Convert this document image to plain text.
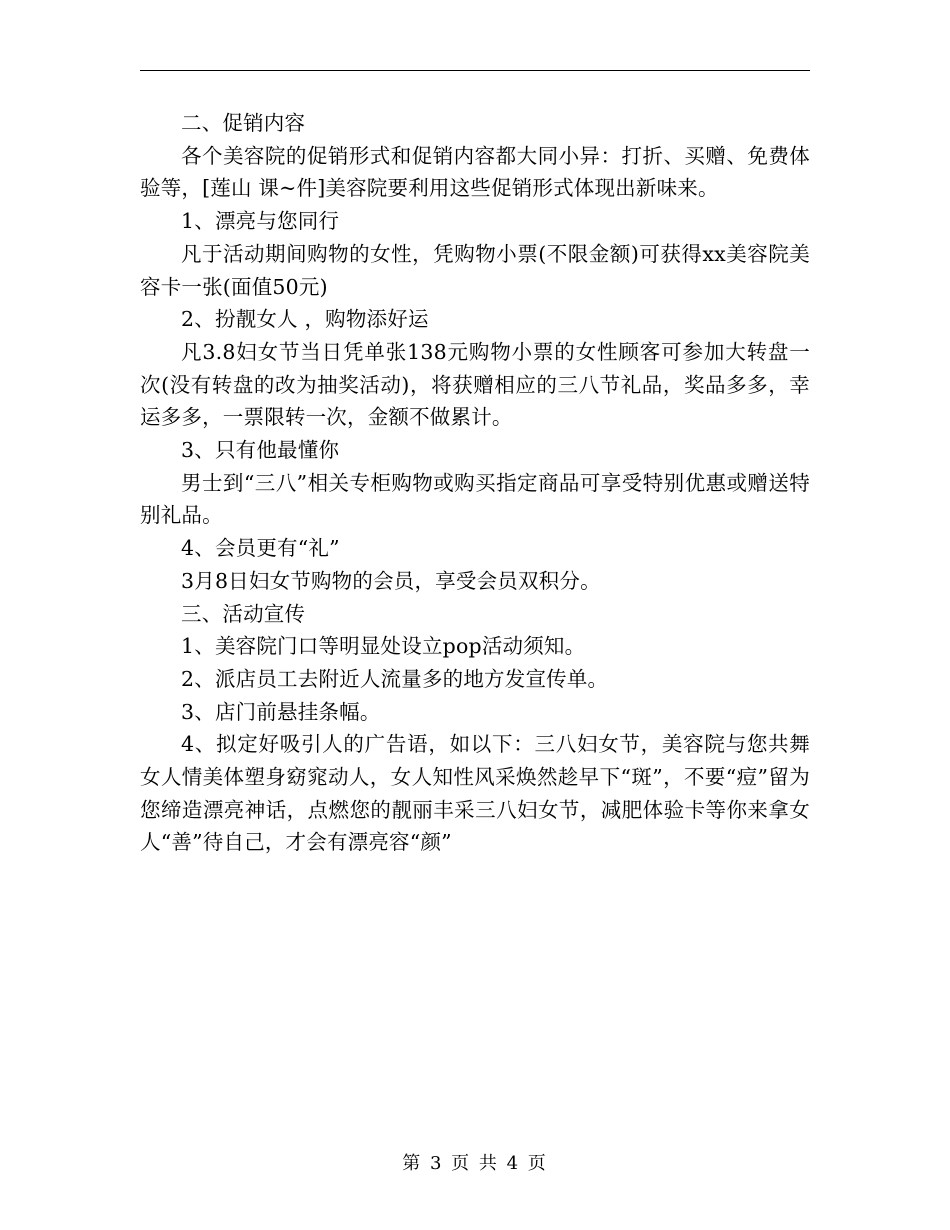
二、促销内容

各个美容院的促销形式和促销内容都大同小异：打折、买赠、免费体验等，[莲山 课~件]美容院要利用这些促销形式体现出新味来。

1、漂亮与您同行

凡于活动期间购物的女性，凭购物小票(不限金额)可获得xx美容院美容卡一张(面值50元)

2、扮靓女人 ，购物添好运

凡3.8妇女节当日凭单张138元购物小票的女性顾客可参加大转盘一次(没有转盘的改为抽奖活动)，将获赠相应的三八节礼品，奖品多多，幸运多多，一票限转一次，金额不做累计。

3、只有他最懂你

男士到“三八”相关专柜购物或购买指定商品可享受特别优惠或赠送特别礼品。

4、会员更有“礼”

3月8日妇女节购物的会员，享受会员双积分。

三、活动宣传

1、美容院门口等明显处设立pop活动须知。

2、派店员工去附近人流量多的地方发宣传单。

3、店门前悬挂条幅。

4、拟定好吸引人的广告语，如以下：三八妇女节，美容院与您共舞女人情美体塑身窈窕动人，女人知性风采焕然趁早下“斑”，不要“痘”留为您缔造漂亮神话，点燃您的靓丽丰采三八妇女节，减肥体验卡等你来拿女人“善”待自己，才会有漂亮容“颜”

第 3 页 共 4 页
